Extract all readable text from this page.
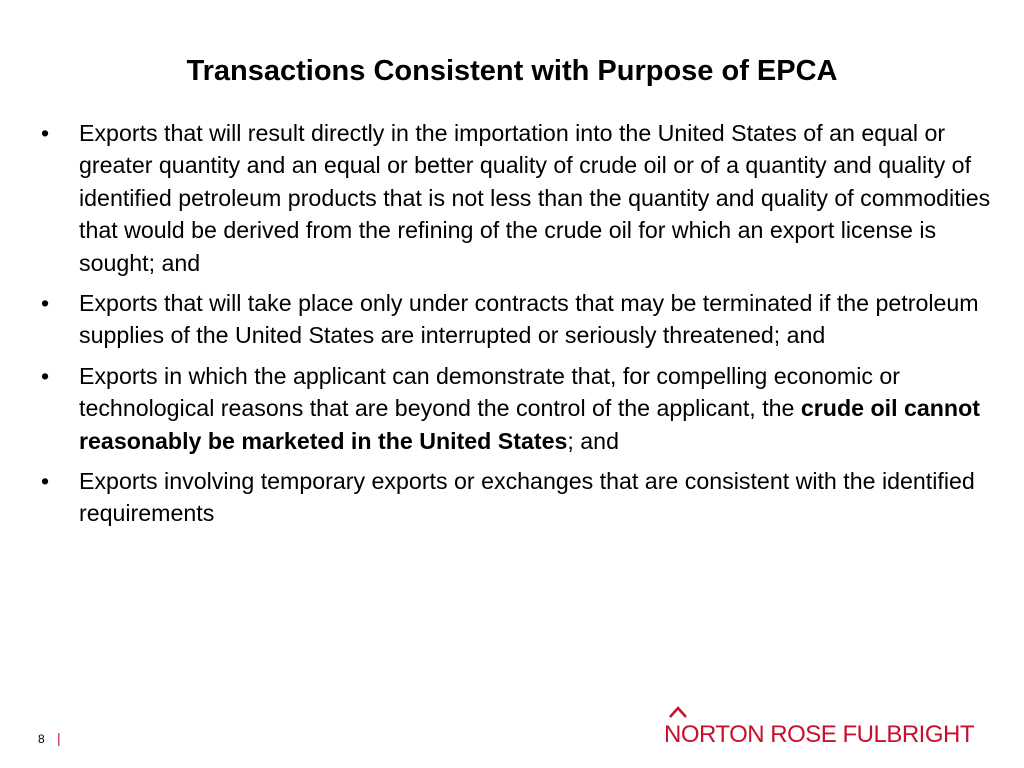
Transactions Consistent with Purpose of EPCA
• Exports that will result directly in the importation into the United States of an equal or greater quantity and an equal or better quality of crude oil or of a quantity and quality of identified petroleum products that is not less than the quantity and quality of commodities that would be derived from the refining of the crude oil for which an export license is sought; and
• Exports that will take place only under contracts that may be terminated if the petroleum supplies of the United States are interrupted or seriously threatened; and
• Exports in which the applicant can demonstrate that, for compelling economic or technological reasons that are beyond the control of the applicant, the crude oil cannot reasonably be marketed in the United States; and
• Exports involving temporary exports or exchanges that are consistent with the identified requirements
8 |	NORTON ROSE FULBRIGHT
